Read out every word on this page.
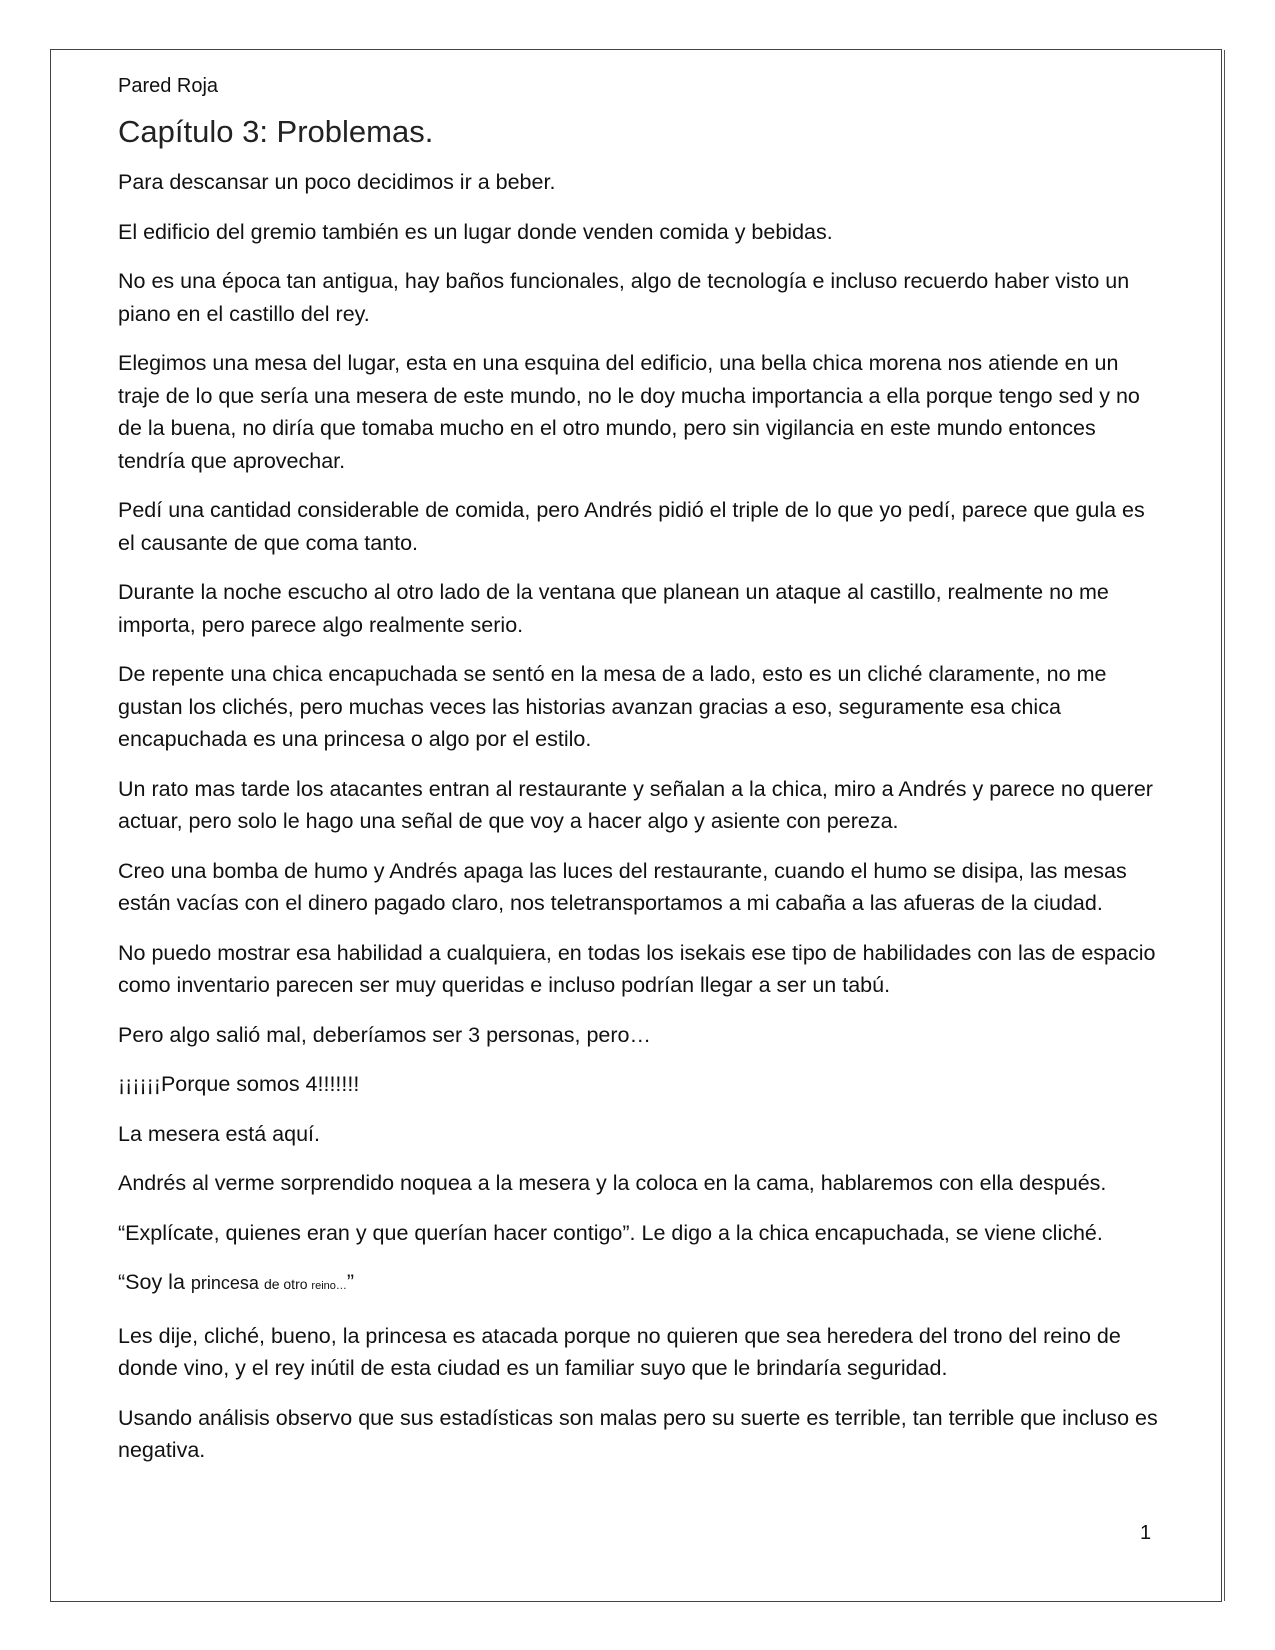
Pared Roja
Capítulo 3: Problemas.

Para descansar un poco decidimos ir a beber.

El edificio del gremio también es un lugar donde venden comida y bebidas.

No es una época tan antigua, hay baños funcionales, algo de tecnología e incluso recuerdo haber visto un piano en el castillo del rey.

Elegimos una mesa del lugar, esta en una esquina del edificio, una bella chica morena nos atiende en un traje de lo que sería una mesera de este mundo, no le doy mucha importancia a ella porque tengo sed y no de la buena, no diría que tomaba mucho en el otro mundo, pero sin vigilancia en este mundo entonces tendría que aprovechar.

Pedí una cantidad considerable de comida, pero Andrés pidió el triple de lo que yo pedí, parece que gula es el causante de que coma tanto.

Durante la noche escucho al otro lado de la ventana que planean un ataque al castillo, realmente no me importa, pero parece algo realmente serio.

De repente una chica encapuchada se sentó en la mesa de a lado, esto es un cliché claramente, no me gustan los clichés, pero muchas veces las historias avanzan gracias a eso, seguramente esa chica encapuchada es una princesa o algo por el estilo.

Un rato mas tarde los atacantes entran al restaurante y señalan a la chica, miro a Andrés y parece no querer actuar, pero solo le hago una señal de que voy a hacer algo y asiente con pereza.

Creo una bomba de humo y Andrés apaga las luces del restaurante, cuando el humo se disipa, las mesas están vacías con el dinero pagado claro, nos teletransportamos a mi cabaña a las afueras de la ciudad.

No puedo mostrar esa habilidad a cualquiera, en todas los isekais ese tipo de habilidades con las de espacio como inventario parecen ser muy queridas e incluso podrían llegar a ser un tabú.

Pero algo salió mal, deberíamos ser 3 personas, pero…

¡¡¡¡¡¡Porque somos 4!!!!!!!

La mesera está aquí.

Andrés al verme sorprendido noquea a la mesera y la coloca en la cama, hablaremos con ella después.

“Explícate, quienes eran y que querían hacer contigo”. Le digo a la chica encapuchada, se viene cliché.

“Soy la princesa de otro reino…”

Les dije, cliché, bueno, la princesa es atacada porque no quieren que sea heredera del trono del reino de donde vino, y el rey inútil de esta ciudad es un familiar suyo que le brindaría seguridad.

Usando análisis observo que sus estadísticas son malas pero su suerte es terrible, tan terrible que incluso es negativa.

1
